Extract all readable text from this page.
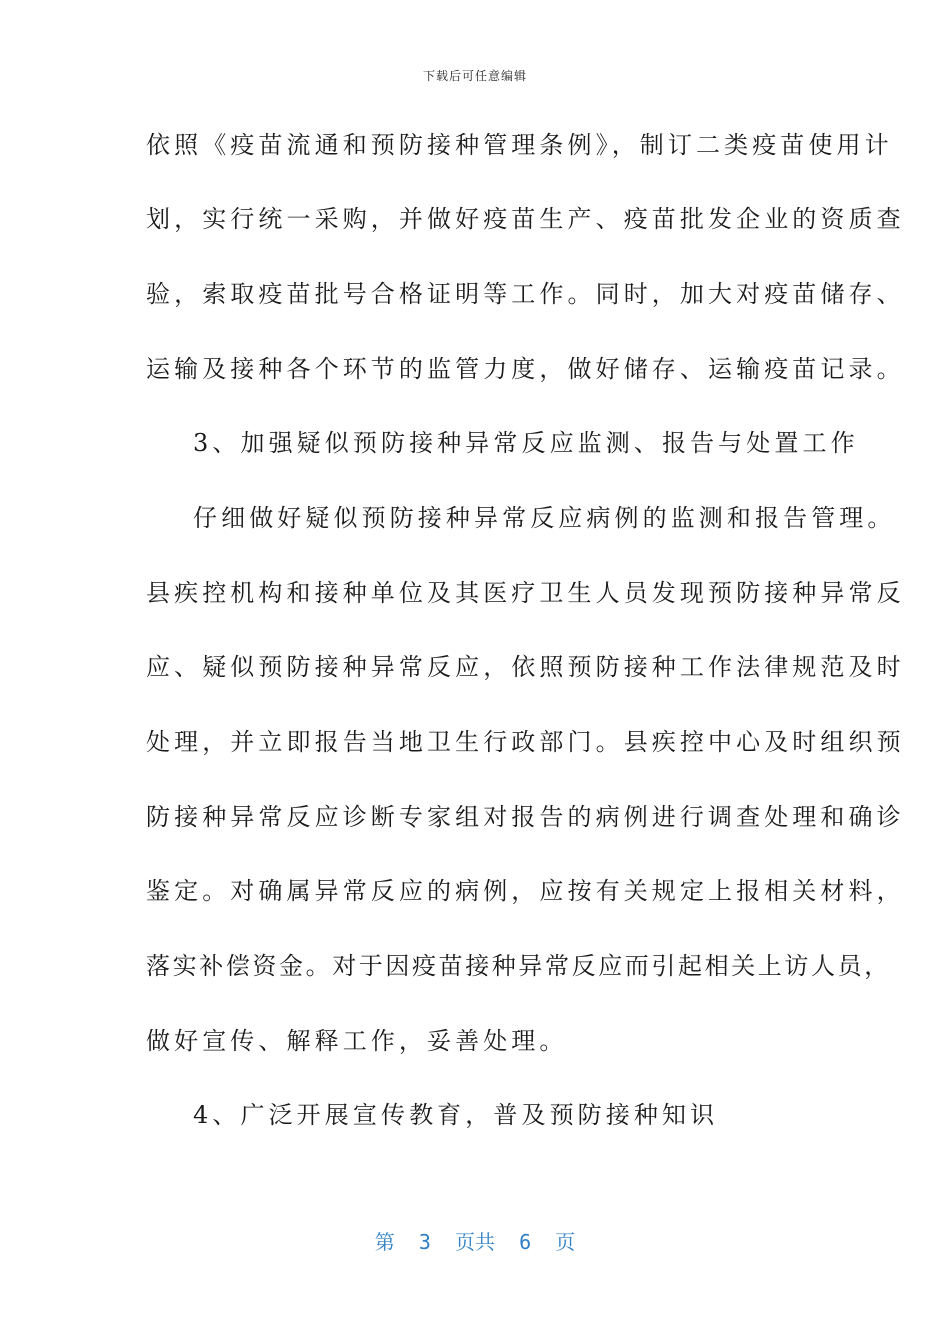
下载后可任意编辑
依照《疫苗流通和预防接种管理条例》，制订二类疫苗使用计
划，实行统一采购，并做好疫苗生产、疫苗批发企业的资质查
验，索取疫苗批号合格证明等工作。同时，加大对疫苗储存、
运输及接种各个环节的监管力度，做好储存、运输疫苗记录。
3、加强疑似预防接种异常反应监测、报告与处置工作
仔细做好疑似预防接种异常反应病例的监测和报告管理。
县疾控机构和接种单位及其医疗卫生人员发现预防接种异常反
应、疑似预防接种异常反应，依照预防接种工作法律规范及时
处理，并立即报告当地卫生行政部门。县疾控中心及时组织预
防接种异常反应诊断专家组对报告的病例进行调查处理和确诊
鉴定。对确属异常反应的病例，应按有关规定上报相关材料，
落实补偿资金。对于因疫苗接种异常反应而引起相关上访人员，
做好宣传、解释工作，妥善处理。
4、广泛开展宣传教育，普及预防接种知识
第  3  页共  6  页
